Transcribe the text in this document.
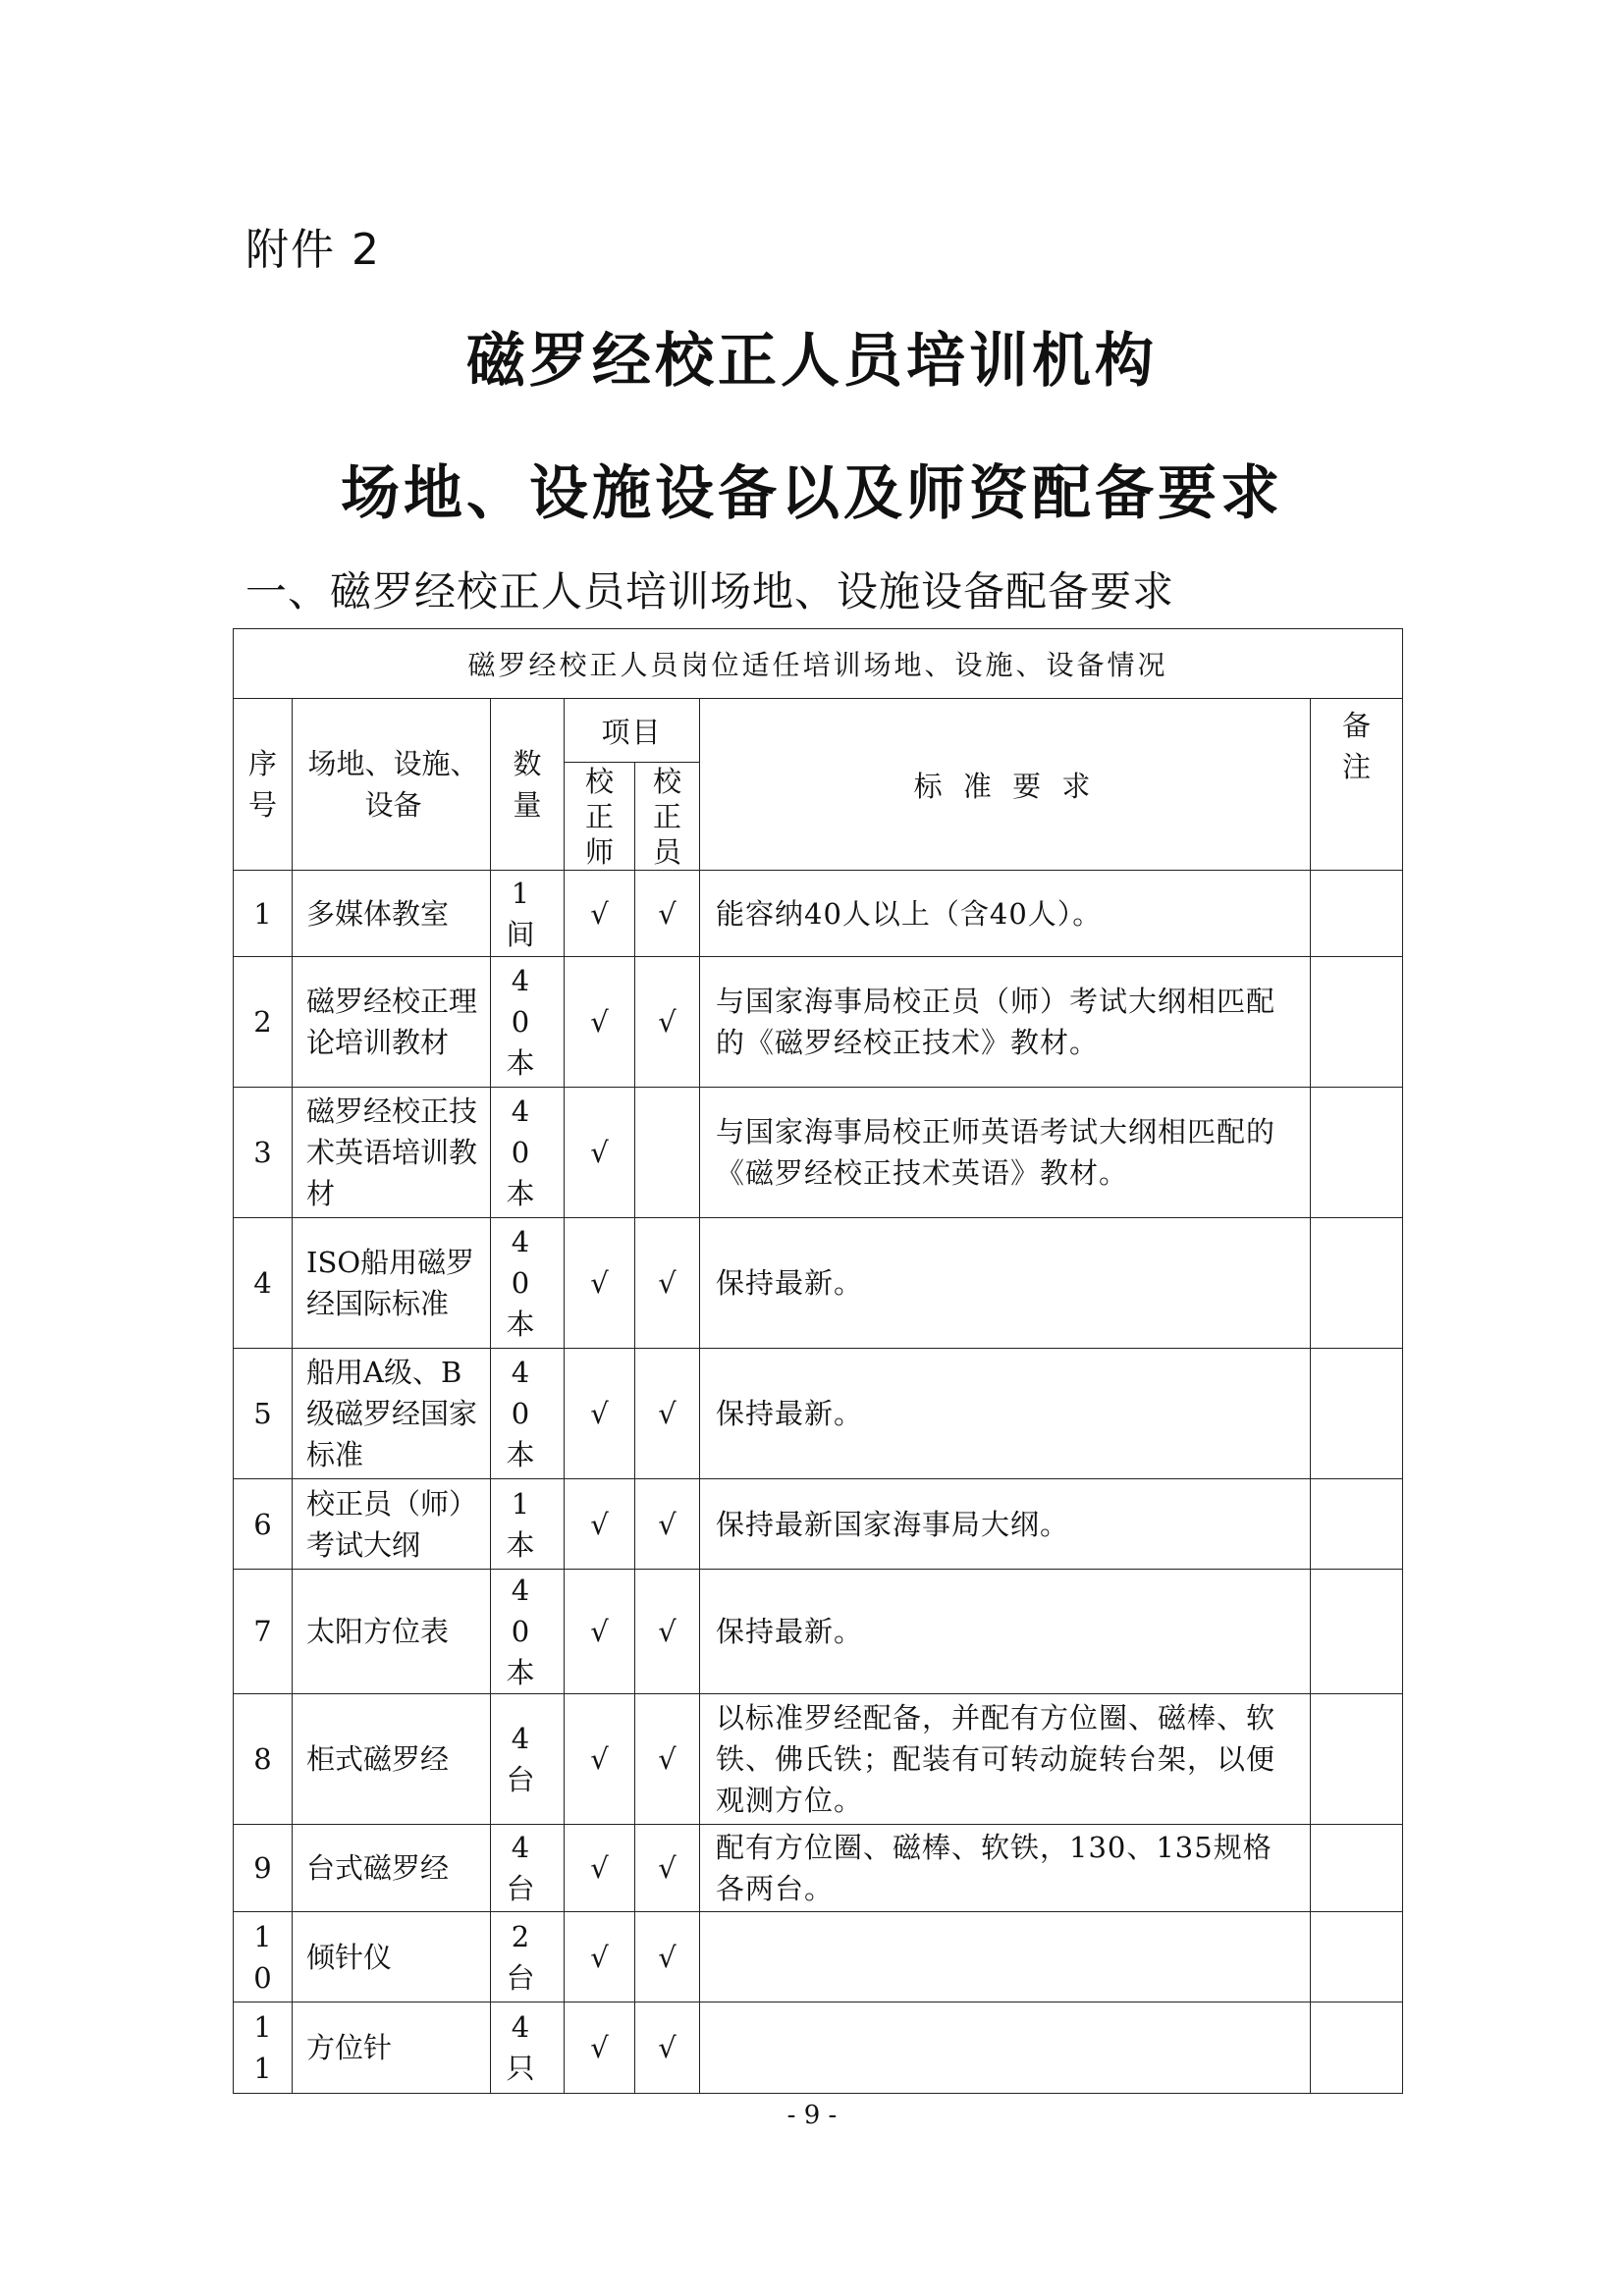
附件 2
磁罗经校正人员培训机构
场地、设施设备以及师资配备要求
一、磁罗经校正人员培训场地、设施设备配备要求
磁罗经校正人员岗位适任培训场地、设施、设备情况						
序号	场地、设施、设备	数量	项目		标 准 要 求	备注
			校正师	校正员		
1	多媒体教室	1间	√	√	能容纳40人以上（含40人）。	
2	磁罗经校正理论培训教材	40本	√	√	与国家海事局校正员（师）考试大纲相匹配的《磁罗经校正技术》教材。	
3	磁罗经校正技术英语培训教材	40本	√		与国家海事局校正师英语考试大纲相匹配的《磁罗经校正技术英语》教材。	
4	ISO船用磁罗经国际标准	40本	√	√	保持最新。	
5	船用A级、B级磁罗经国家标准	40本	√	√	保持最新。	
6	校正员（师）考试大纲	1本	√	√	保持最新国家海事局大纲。	
7	太阳方位表	40本	√	√	保持最新。	
8	柜式磁罗经	4台	√	√	以标准罗经配备，并配有方位圈、磁棒、软铁、佛氏铁；配装有可转动旋转台架，以便观测方位。	
9	台式磁罗经	4台	√	√	配有方位圈、磁棒、软铁，130、135规格各两台。	
10	倾针仪	2台	√	√		
11	方位针	4只	√	√		
- 9 -
